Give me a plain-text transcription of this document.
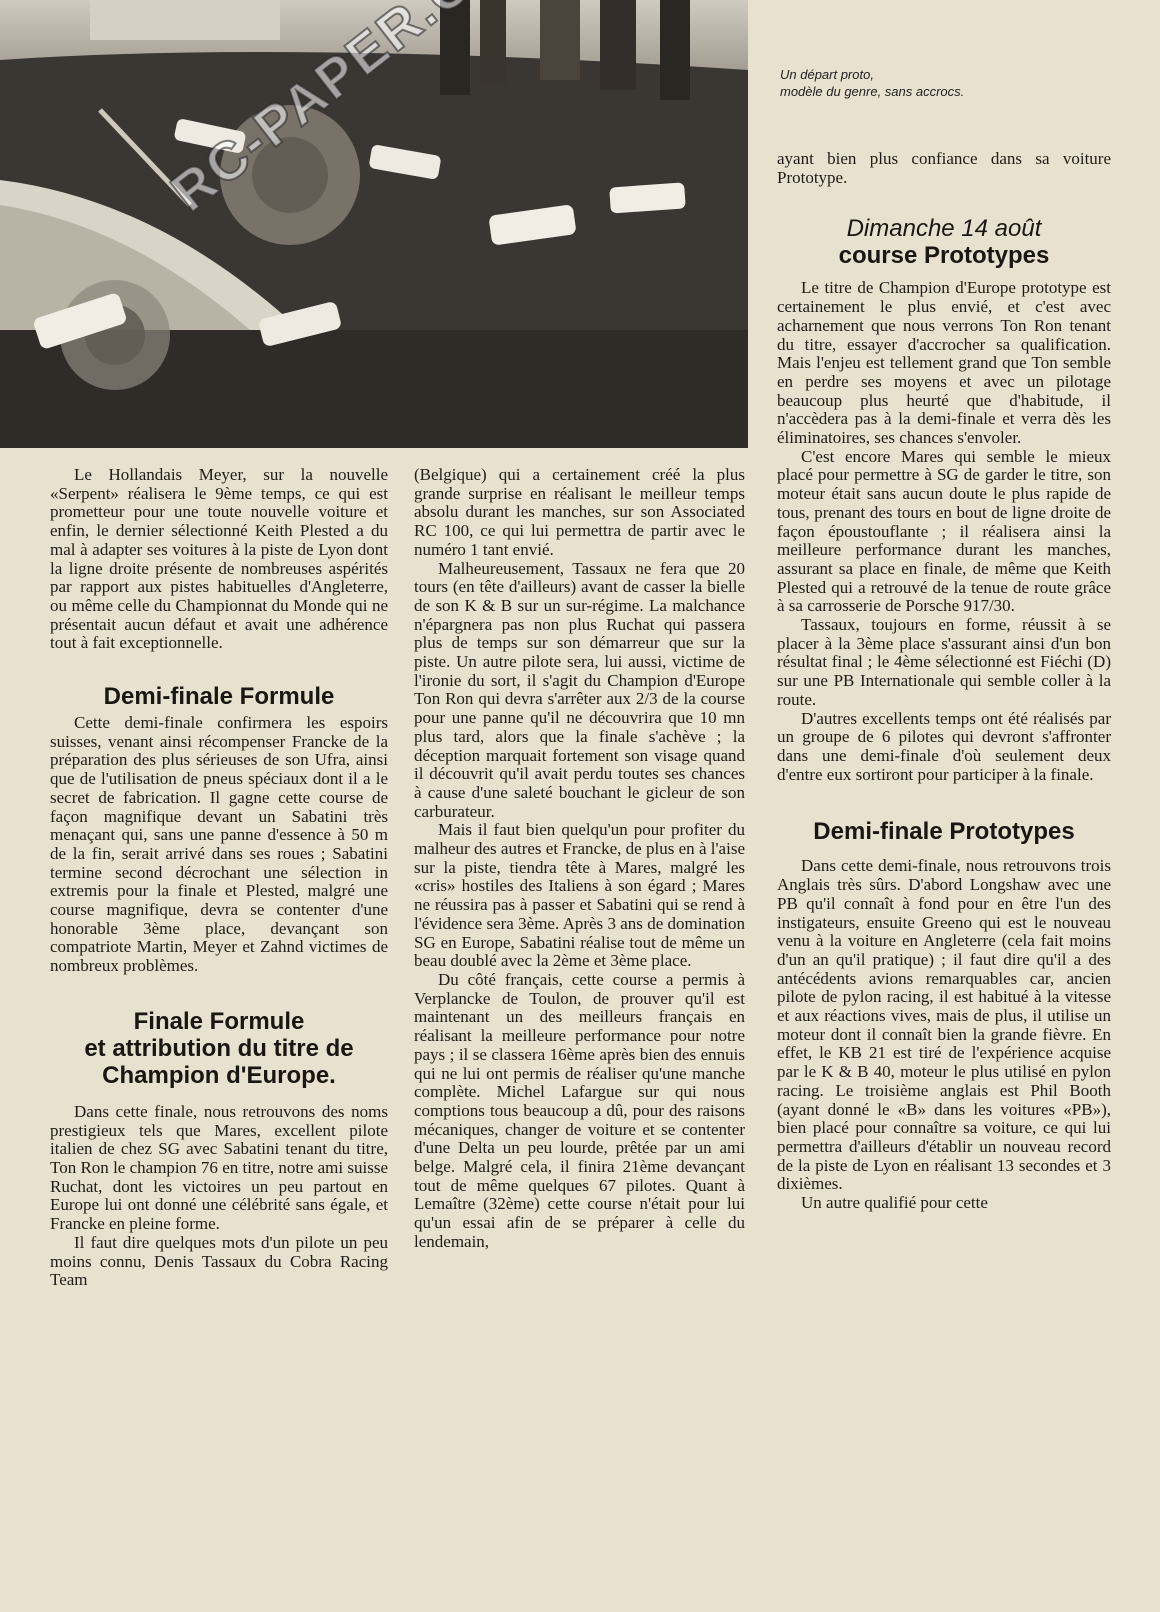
Un départ proto,
modèle du genre, sans accrocs.

Le Hollandais Meyer, sur la nouvelle «Serpent» réalisera le 9ème temps, ce qui est prometteur pour une toute nouvelle voiture et enfin, le dernier sélectionné Keith Plested a du mal à adapter ses voitures à la piste de Lyon dont la ligne droite présente de nombreuses aspérités par rapport aux pistes habituelles d'Angleterre, ou même celle du Championnat du Monde qui ne présentait aucun défaut et avait une adhérence tout à fait exceptionnelle.

Demi-finale Formule

Cette demi-finale confirmera les espoirs suisses, venant ainsi récompenser Francke de la préparation des plus sérieuses de son Ufra, ainsi que de l'utilisation de pneus spéciaux dont il a le secret de fabrication. Il gagne cette course de façon magnifique devant un Sabatini très menaçant qui, sans une panne d'essence à 50 m de la fin, serait arrivé dans ses roues ; Sabatini termine second décrochant une sélection in extremis pour la finale et Plested, malgré une course magnifique, devra se contenter d'une honorable 3ème place, devançant son compatriote Martin, Meyer et Zahnd victimes de nombreux problèmes.

Finale Formule
et attribution du titre de
Champion d'Europe.

Dans cette finale, nous retrouvons des noms prestigieux tels que Mares, excellent pilote italien de chez SG avec Sabatini tenant du titre, Ton Ron le champion 76 en titre, notre ami suisse Ruchat, dont les victoires un peu partout en Europe lui ont donné une célébrité sans égale, et Francke en pleine forme.

Il faut dire quelques mots d'un pilote un peu moins connu, Denis Tassaux du Cobra Racing Team

(Belgique) qui a certainement créé la plus grande surprise en réalisant le meilleur temps absolu durant les manches, sur son Associated RC 100, ce qui lui permettra de partir avec le numéro 1 tant envié.

Malheureusement, Tassaux ne fera que 20 tours (en tête d'ailleurs) avant de casser la bielle de son K & B sur un sur-régime. La malchance n'épargnera pas non plus Ruchat qui passera plus de temps sur son démarreur que sur la piste. Un autre pilote sera, lui aussi, victime de l'ironie du sort, il s'agit du Champion d'Europe Ton Ron qui devra s'arrêter aux 2/3 de la course pour une panne qu'il ne découvrira que 10 mn plus tard, alors que la finale s'achève ; la déception marquait fortement son visage quand il découvrit qu'il avait perdu toutes ses chances à cause d'une saleté bouchant le gicleur de son carburateur.

Mais il faut bien quelqu'un pour profiter du malheur des autres et Francke, de plus en à l'aise sur la piste, tiendra tête à Mares, malgré les «cris» hostiles des Italiens à son égard ; Mares ne réussira pas à passer et Sabatini qui se rend à l'évidence sera 3ème. Après 3 ans de domination SG en Europe, Sabatini réalise tout de même un beau doublé avec la 2ème et 3ème place.

Du côté français, cette course a permis à Verplancke de Toulon, de prouver qu'il est maintenant un des meilleurs français en réalisant la meilleure performance pour notre pays ; il se classera 16ème après bien des ennuis qui ne lui ont permis de réaliser qu'une manche complète. Michel Lafargue sur qui nous comptions tous beaucoup a dû, pour des raisons mécaniques, changer de voiture et se contenter d'une Delta un peu lourde, prêtée par un ami belge. Malgré cela, il finira 21ème devançant tout de même quelques 67 pilotes. Quant à Lemaître (32ème) cette course n'était pour lui qu'un essai afin de se préparer à celle du lendemain,

ayant bien plus confiance dans sa voiture Prototype.

Dimanche 14 août
course Prototypes

Le titre de Champion d'Europe prototype est certainement le plus envié, et c'est avec acharnement que nous verrons Ton Ron tenant du titre, essayer d'accrocher sa qualification. Mais l'enjeu est tellement grand que Ton semble en perdre ses moyens et avec un pilotage beaucoup plus heurté que d'habitude, il n'accèdera pas à la demi-finale et verra dès les éliminatoires, ses chances s'envoler.

C'est encore Mares qui semble le mieux placé pour permettre à SG de garder le titre, son moteur était sans aucun doute le plus rapide de tous, prenant des tours en bout de ligne droite de façon époustouflante ; il réalisera ainsi la meilleure performance durant les manches, assurant sa place en finale, de même que Keith Plested qui a retrouvé de la tenue de route grâce à sa carrosserie de Porsche 917/30.

Tassaux, toujours en forme, réussit à se placer à la 3ème place s'assurant ainsi d'un bon résultat final ; le 4ème sélectionné est Fiéchi (D) sur une PB Internationale qui semble coller à la route.

D'autres excellents temps ont été réalisés par un groupe de 6 pilotes qui devront s'affronter dans une demi-finale d'où seulement deux d'entre eux sortiront pour participer à la finale.

Demi-finale Prototypes

Dans cette demi-finale, nous retrouvons trois Anglais très sûrs. D'abord Longshaw avec une PB qu'il connaît à fond pour en être l'un des instigateurs, ensuite Greeno qui est le nouveau venu à la voiture en Angleterre (cela fait moins d'un an qu'il pratique) ; il faut dire qu'il a des antécédents avions remarquables car, ancien pilote de pylon racing, il est habitué à la vitesse et aux réactions vives, mais de plus, il utilise un moteur dont il connaît bien la grande fièvre. En effet, le KB 21 est tiré de l'expérience acquise par le K & B 40, moteur le plus utilisé en pylon racing. Le troisième anglais est Phil Booth (ayant donné le «B» dans les voitures «PB»), bien placé pour connaître sa voiture, ce qui lui permettra d'ailleurs d'établir un nouveau record de la piste de Lyon en réalisant 13 secondes et 3 dixièmes.

Un autre qualifié pour cette
